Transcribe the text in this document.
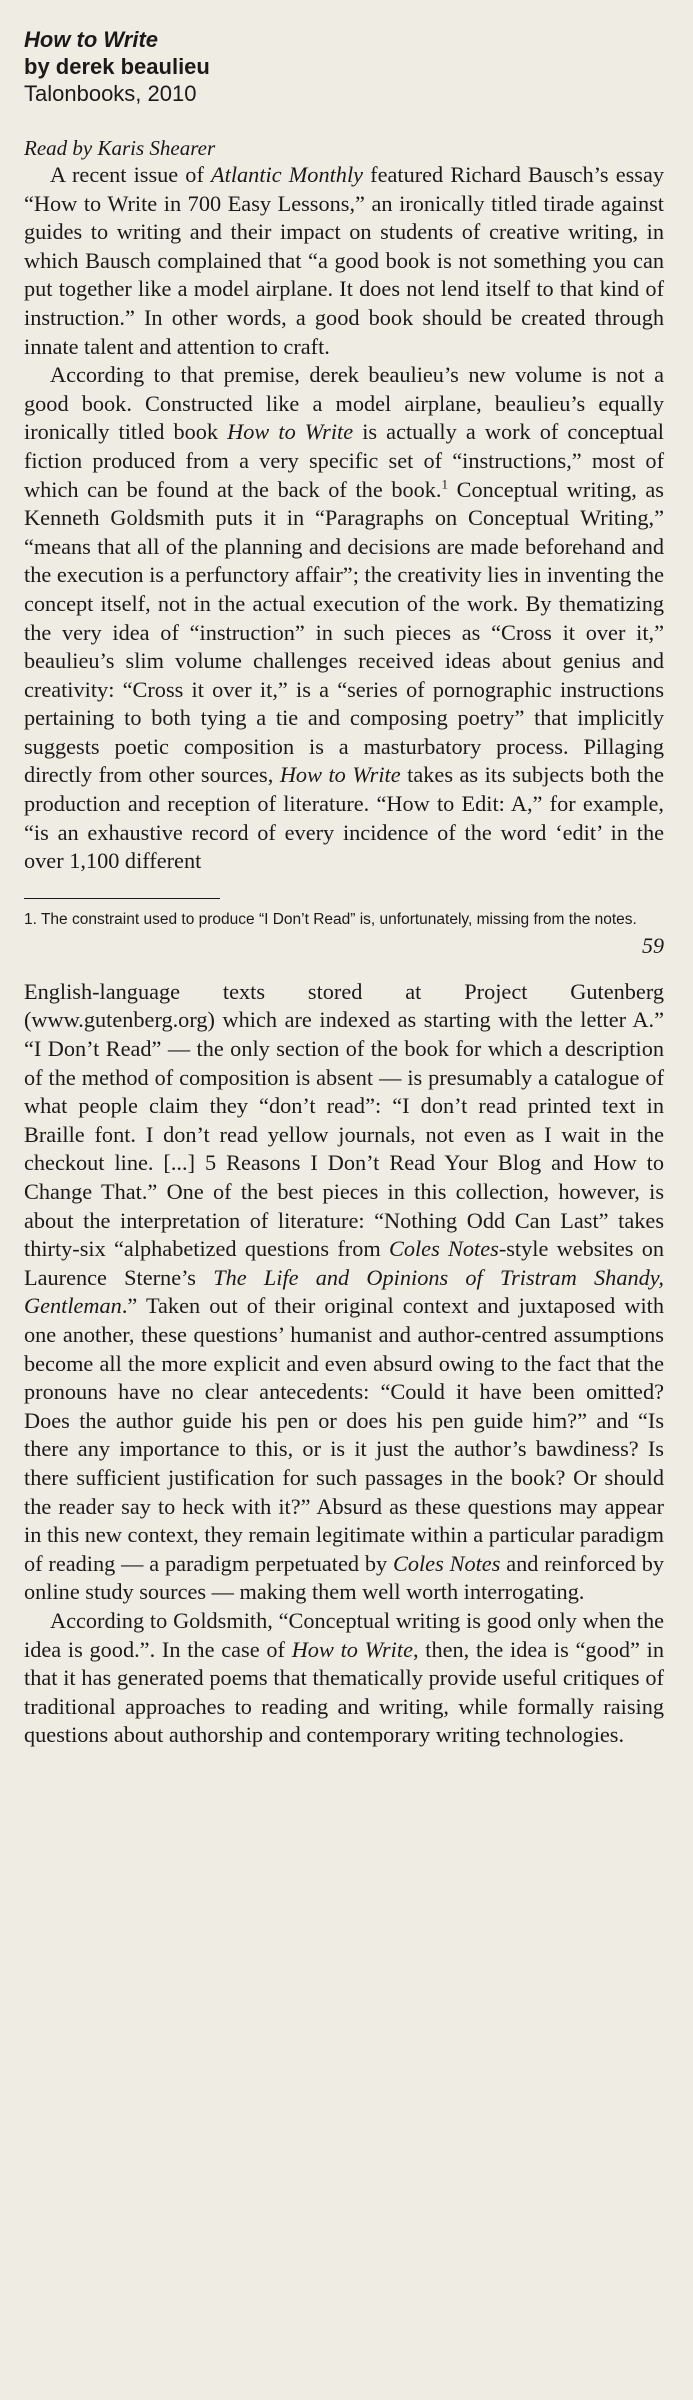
How to Write
by derek beaulieu
Talonbooks, 2010
Read by Karis Shearer

A recent issue of Atlantic Monthly featured Richard Bausch’s essay “How to Write in 700 Easy Lessons,” an ironically titled tirade against guides to writing and their impact on students of creative writing, in which Bausch complained that “a good book is not something you can put together like a model airplane. It does not lend itself to that kind of instruction.” In other words, a good book should be created through innate talent and attention to craft.

According to that premise, derek beaulieu’s new volume is not a good book. Constructed like a model airplane, beaulieu’s equally ironically titled book How to Write is actually a work of conceptual fiction produced from a very specific set of “instructions,” most of which can be found at the back of the book.$^1$ Conceptual writing, as Kenneth Goldsmith puts it in “Paragraphs on Conceptual Writing,” “means that all of the planning and decisions are made beforehand and the execution is a perfunctory affair”; the creativity lies in inventing the concept itself, not in the actual execution of the work. By thematizing the very idea of “instruction” in such pieces as “Cross it over it,” beaulieu’s slim volume challenges received ideas about genius and creativity: “Cross it over it,” is a “series of pornographic instructions pertaining to both tying a tie and composing poetry” that implicitly suggests poetic composition is a masturbatory process. Pillaging directly from other sources, How to Write takes as its subjects both the production and reception of literature. “How to Edit: A,” for example, “is an exhaustive record of every incidence of the word ‘edit’ in the over 1,100 different

1. The constraint used to produce “I Don’t Read” is, unfortunately, missing from the notes.
59

English-language texts stored at Project Gutenberg (www.gutenberg.org) which are indexed as starting with the letter A.” “I Don’t Read” — the only section of the book for which a description of the method of composition is absent — is presumably a catalogue of what people claim they “don’t read”: “I don’t read printed text in Braille font. I don’t read yellow journals, not even as I wait in the checkout line. [...] 5 Reasons I Don’t Read Your Blog and How to Change That.” One of the best pieces in this collection, however, is about the interpretation of literature: “Nothing Odd Can Last” takes thirty-six “alphabetized questions from Coles Notes-style websites on Laurence Sterne’s The Life and Opinions of Tristram Shandy, Gentleman.” Taken out of their original context and juxtaposed with one another, these questions’ humanist and author-centred assumptions become all the more explicit and even absurd owing to the fact that the pronouns have no clear antecedents: “Could it have been omitted? Does the author guide his pen or does his pen guide him?” and “Is there any importance to this, or is it just the author’s bawdiness? Is there sufficient justification for such passages in the book? Or should the reader say to heck with it?” Absurd as these questions may appear in this new context, they remain legitimate within a particular paradigm of reading — a paradigm perpetuated by Coles Notes and reinforced by online study sources — making them well worth interrogating.

According to Goldsmith, “Conceptual writing is good only when the idea is good.”. In the case of How to Write, then, the idea is “good” in that it has generated poems that thematically provide useful critiques of traditional approaches to reading and writing, while formally raising questions about authorship and contemporary writing technologies.
